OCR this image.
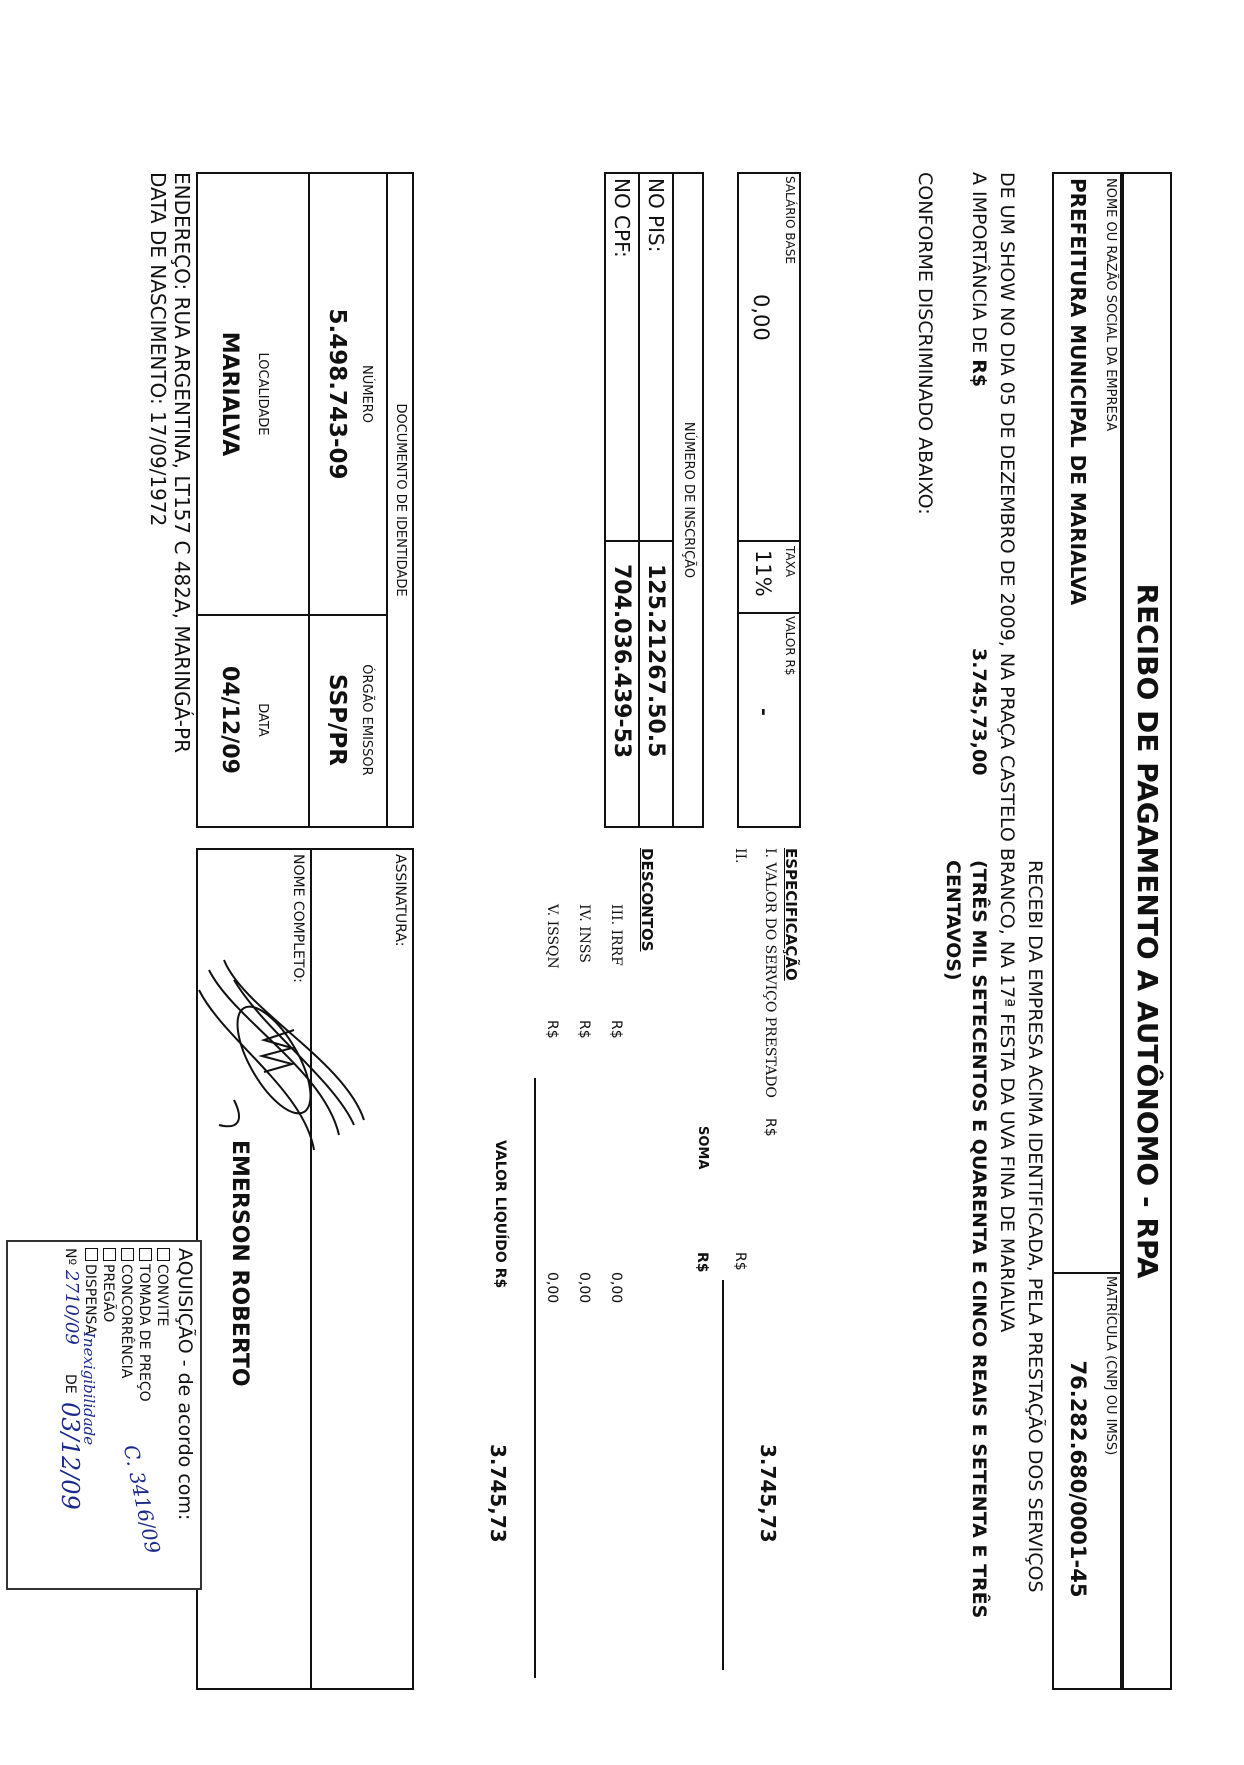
RECIBO DE PAGAMENTO A AUTÔNOMO - RPA
NOME OU RAZÃO SOCIAL DA EMPRESA
PREFEITURA MUNICIPAL DE MARIALVA
MATRÍCULA (CNPJ OU IMSS)
76.282.680/0001-45
RECEBI DA EMPRESA ACIMA IDENTIFICADA, PELA PRESTAÇÃO DOS SERVIÇOS
DE UM SHOW NO DIA 05 DE DEZEMBRO DE 2009, NA PRAÇA CASTELO BRANCO, NA 17ª FESTA DA UVA FINA DE MARIALVA
A IMPORTÂNCIA DE R$
3.745,73,00
(TRÊS MIL SETECENTOS E QUARENTA E CINCO REAIS E SETENTA E TRÊS
CENTAVOS)
CONFORME DISCRIMINADO ABAIXO:
SALÁRIO BASE
0,00
TAXA
11%
VALOR R$
-
NÚMERO DE INSCRIÇÃO
NO PIS:
125.21267.50.5
NO CPF:
704.036.439-53
DOCUMENTO DE IDENTIDADE
NÚMERO
5.498.743-09
ÓRGÃO EMISSOR
SSP/PR
LOCALIDADE
MARIALVA
DATA
04/12/09
ENDEREÇO: RUA ARGENTINA, LT157 C 482A, MARINGÁ-PR
DATA DE NASCIMENTO: 17/09/1972
ESPECIFICAÇÃO
I. VALOR DO SERVIÇO PRESTADO
R$
3.745,73
II.
R$
SOMA
R$
DESCONTOS
III. IRRF
R$
0,00
IV. INSS
R$
0,00
V. ISSQN
R$
0,00
VALOR LIQUÍDO R$
3.745,73
ASSINATURA:
NOME COMPLETO:
EMERSON ROBERTO
AQUISIÇÃO - de acordo com:
CONVITE
TOMADA DE PREÇO
CONCORRÊNCIA
PREGÃO
DISPENSA
Nº
DE
C. 3416/09
Inexigibilidade
2710/09
03/12/09
